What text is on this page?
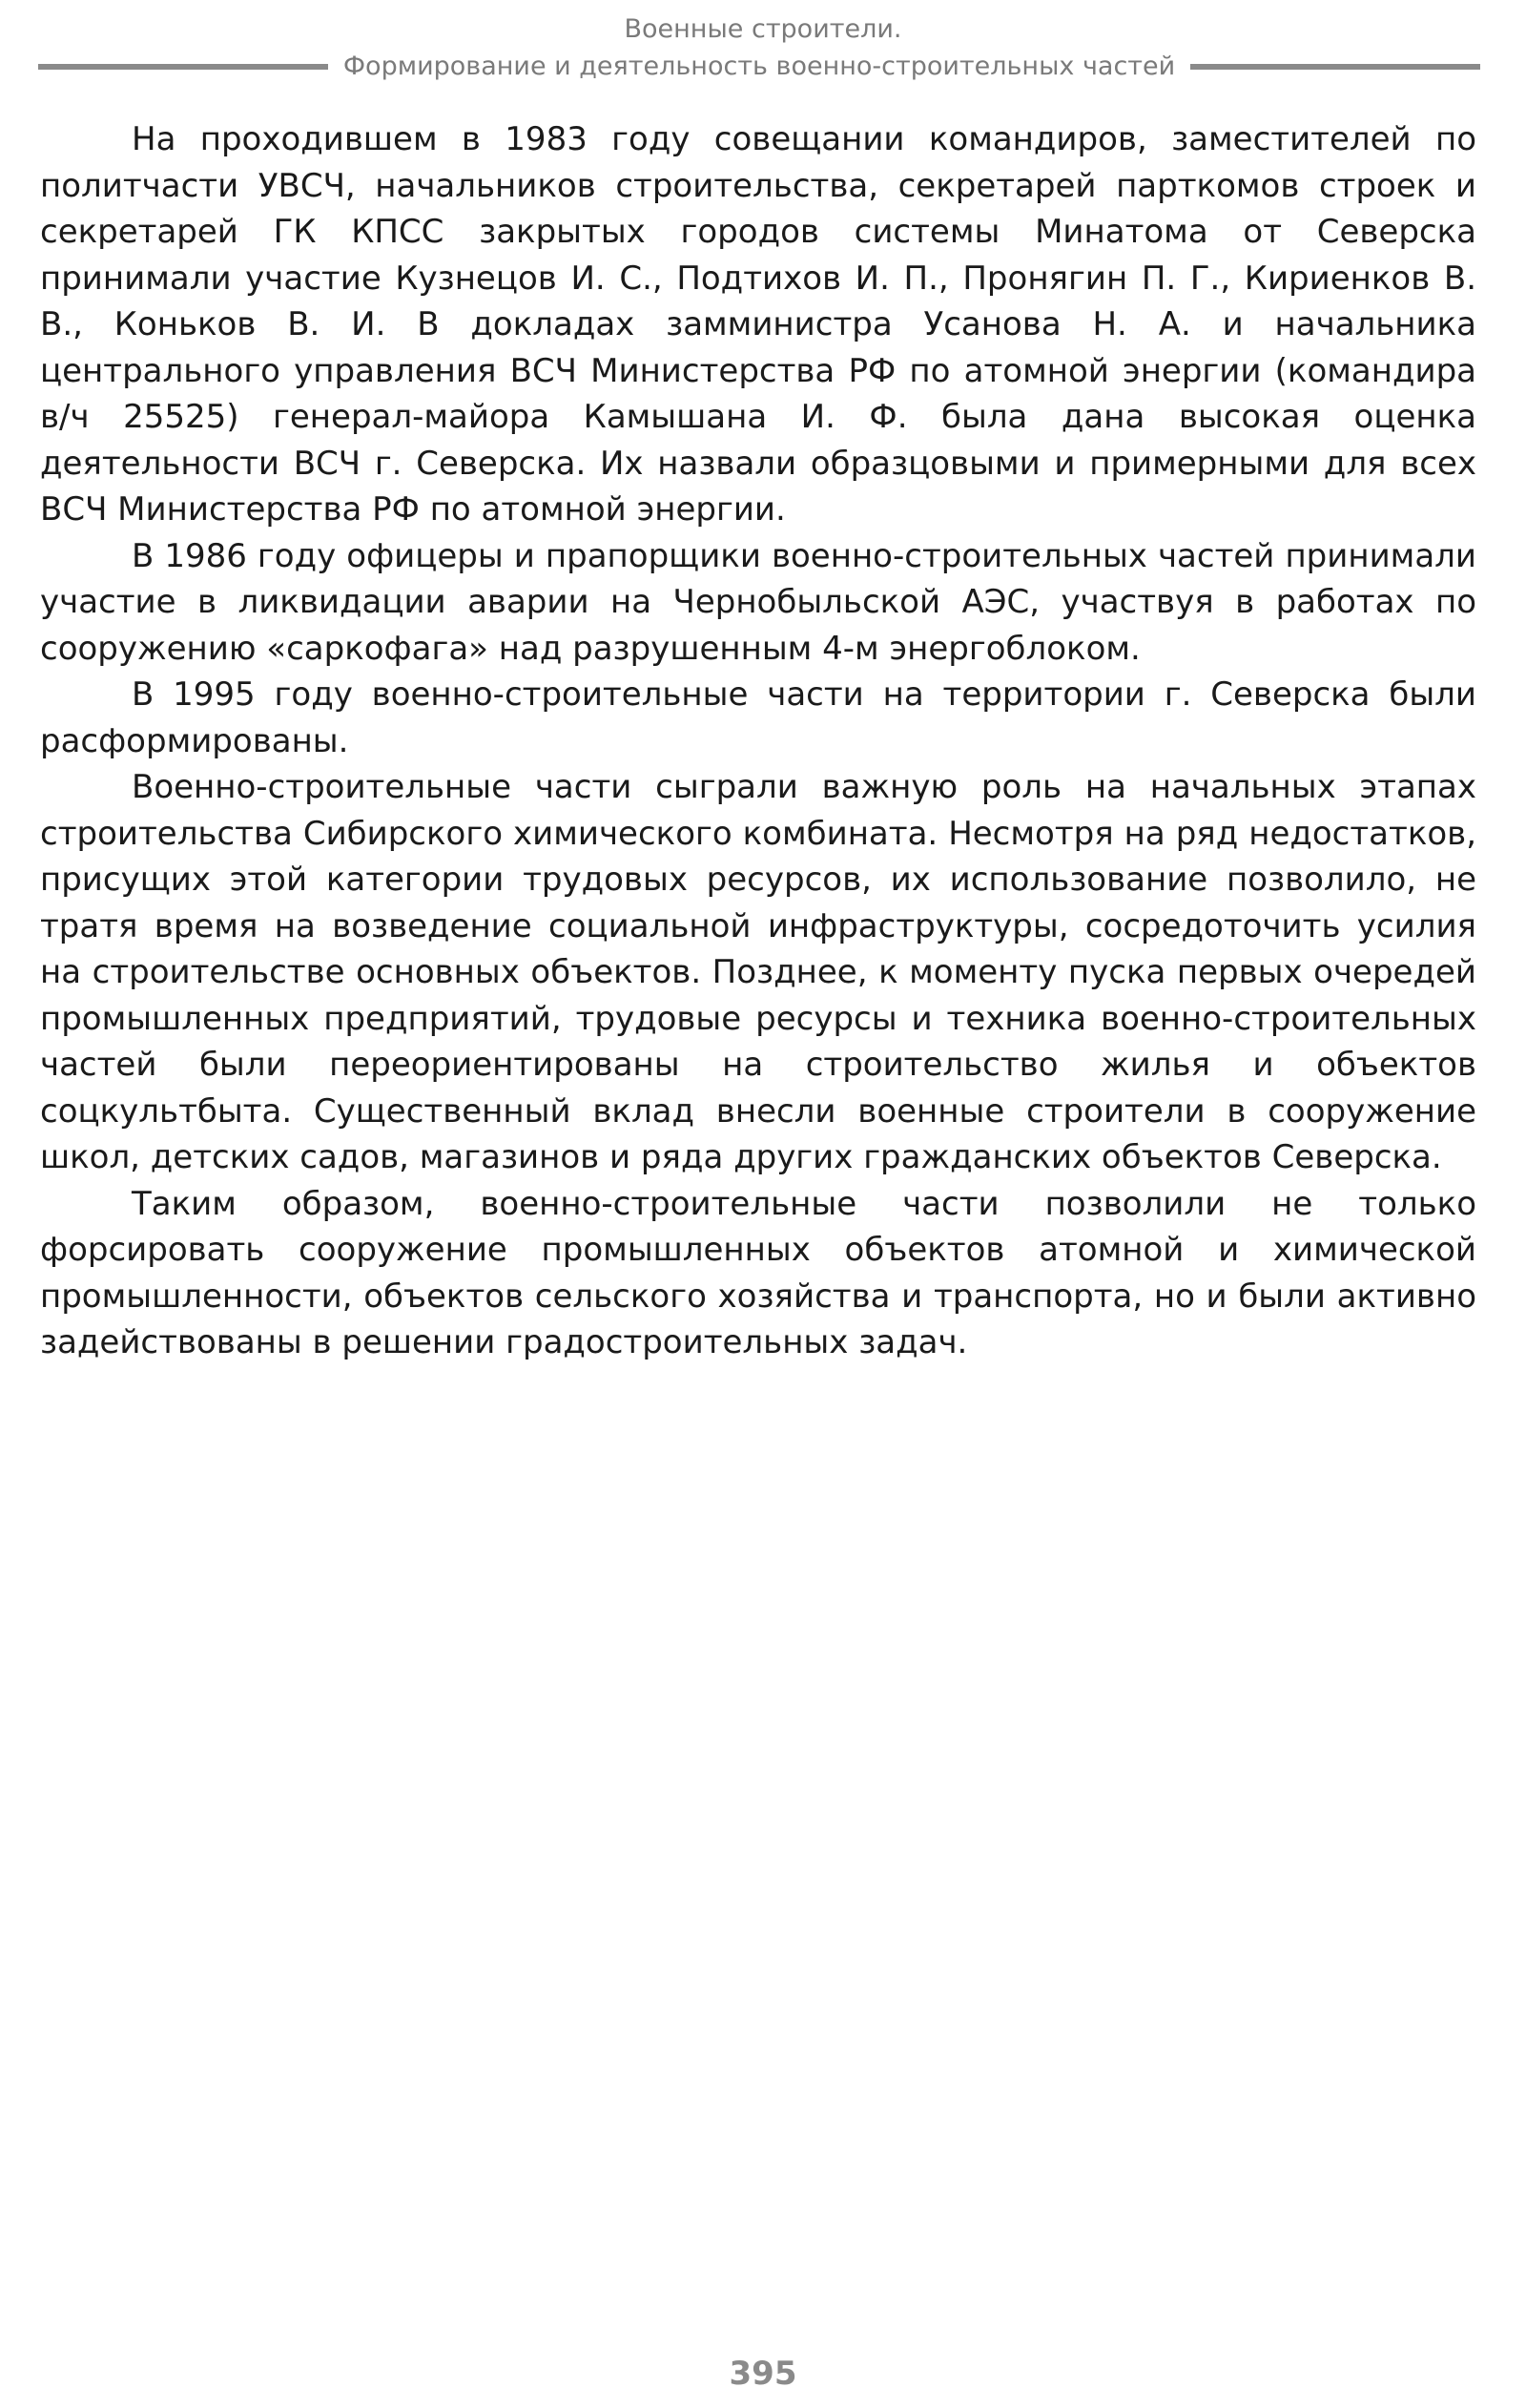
Военные строители.
Формирование и деятельность военно-строительных частей

На проходившем в 1983 году совещании командиров, заместителей по политчасти УВСЧ, начальников строительства, секретарей парткомов строек и секретарей ГК КПСС закрытых городов системы Минатома от Северска принимали участие Кузнецов И. С., Подтихов И. П., Пронягин П. Г., Кириенков В. В., Коньков В. И. В докладах замминистра Усанова Н. А. и начальника центрального управления ВСЧ Министерства РФ по атомной энергии (командира в/ч 25525) генерал-майора Камышана И. Ф. была дана высокая оценка деятельности ВСЧ г. Северска. Их назвали образцовыми и примерными для всех ВСЧ Министерства РФ по атомной энергии.

В 1986 году офицеры и прапорщики военно-строительных частей принимали участие в ликвидации аварии на Чернобыльской АЭС, участвуя в работах по сооружению «саркофага» над разрушенным 4-м энергоблоком.

В 1995 году военно-строительные части на территории г. Северска были расформированы.

Военно-строительные части сыграли важную роль на начальных этапах строительства Сибирского химического комбината. Несмотря на ряд недостатков, присущих этой категории трудовых ресурсов, их использование позволило, не тратя время на возведение социальной инфраструктуры, сосредоточить усилия на строительстве основных объектов. Позднее, к моменту пуска первых очередей промышленных предприятий, трудовые ресурсы и техника военно-строительных частей были переориентированы на строительство жилья и объектов соцкультбыта. Существенный вклад внесли военные строители в сооружение школ, детских садов, магазинов и ряда других гражданских объектов Северска.

Таким образом, военно-строительные части позволили не только форсировать сооружение промышленных объектов атомной и химической промышленности, объектов сельского хозяйства и транспорта, но и были активно задействованы в решении градостроительных задач.

395
